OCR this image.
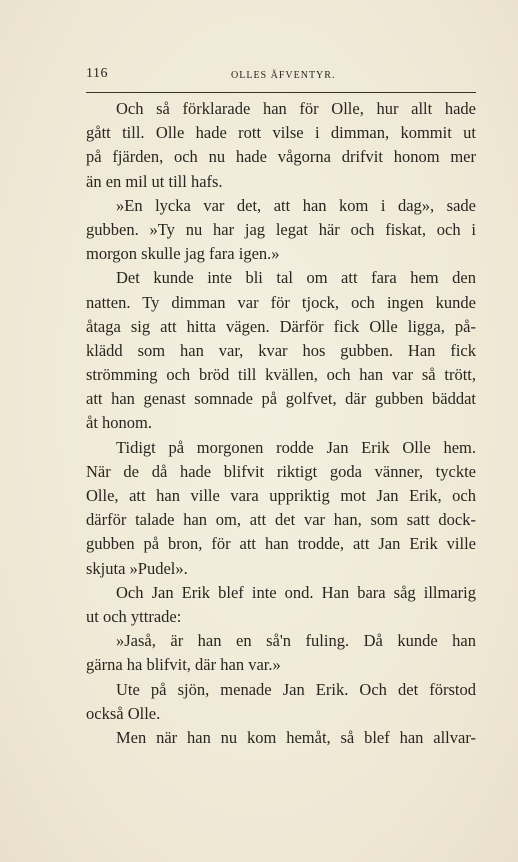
116	OLLES ÄFVENTYR.
Och så förklarade han för Olle, hur allt hade
gått till. Olle hade rott vilse i dimman, kommit ut
på fjärden, och nu hade vågorna drifvit honom mer
än en mil ut till hafs.
»En lycka var det, att han kom i dag», sade
gubben. »Ty nu har jag legat här och fiskat, och i
morgon skulle jag fara igen.»
Det kunde inte bli tal om att fara hem den
natten. Ty dimman var för tjock, och ingen kunde
åtaga sig att hitta vägen. Därför fick Olle ligga, på-
klädd som han var, kvar hos gubben. Han fick
strömming och bröd till kvällen, och han var så trött,
att han genast somnade på golfvet, där gubben bäddat
åt honom.
Tidigt på morgonen rodde Jan Erik Olle hem.
När de då hade blifvit riktigt goda vänner, tyckte
Olle, att han ville vara uppriktig mot Jan Erik, och
därför talade han om, att det var han, som satt dock-
gubben på bron, för att han trodde, att Jan Erik ville
skjuta »Pudel».
Och Jan Erik blef inte ond. Han bara såg illmarig
ut och yttrade:
»Jaså, är han en så'n fuling. Då kunde han
gärna ha blifvit, där han var.»
Ute på sjön, menade Jan Erik. Och det förstod
också Olle.
Men när han nu kom hemåt, så blef han allvar-
